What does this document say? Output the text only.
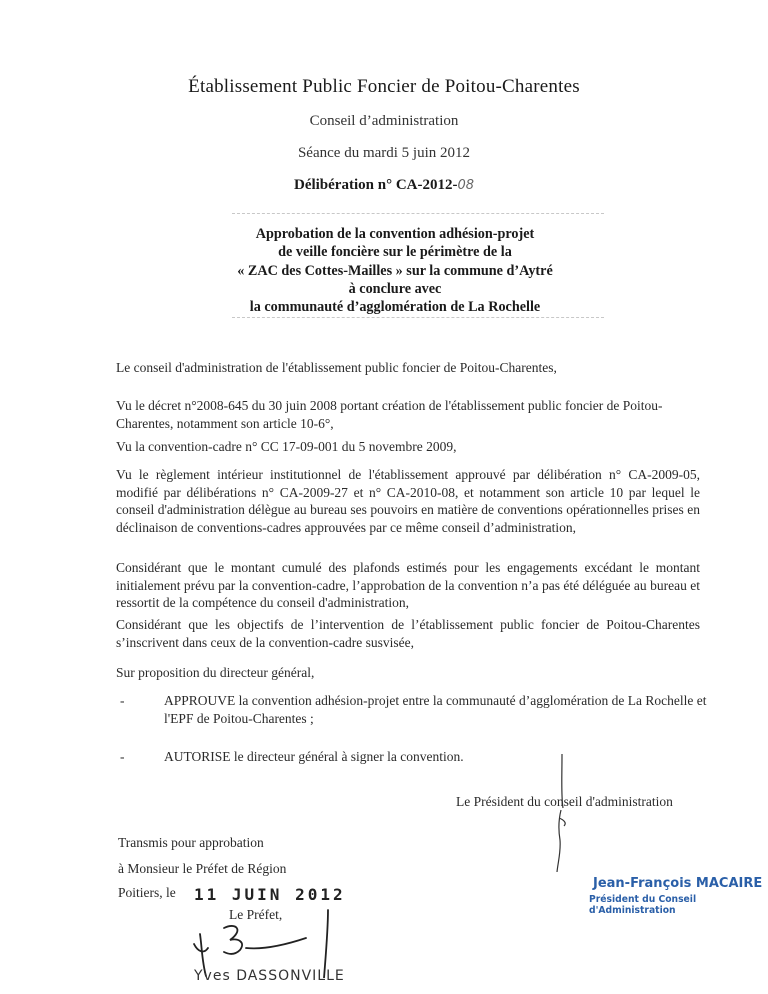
Établissement Public Foncier de Poitou-Charentes
Conseil d’administration
Séance du mardi 5 juin 2012
Délibération n° CA-2012-08
Approbation de la convention adhésion-projet
de veille foncière sur le périmètre de la
« ZAC des Cottes-Mailles » sur la commune d’Aytré
à conclure avec
la communauté d’agglomération de La Rochelle
Le conseil d'administration de l'établissement public foncier de Poitou-Charentes,
Vu le décret n°2008-645 du 30 juin 2008 portant création de l'établissement public foncier de Poitou-Charentes, notamment son article 10-6°,
Vu la convention-cadre n° CC 17-09-001 du 5 novembre 2009,
Vu le règlement intérieur institutionnel de l'établissement approuvé par délibération n° CA-2009-05, modifié par délibérations n° CA-2009-27 et n° CA-2010-08, et notamment son article 10 par lequel le conseil d'administration délègue au bureau ses pouvoirs en matière de conventions opérationnelles prises en déclinaison de conventions-cadres approuvées par ce même conseil d’administration,
Considérant que le montant cumulé des plafonds estimés pour les engagements excédant le montant initialement prévu par la convention-cadre, l’approbation de la convention n’a pas été déléguée au bureau et ressortit de la compétence du conseil d'administration,
Considérant que les objectifs de l’intervention de l’établissement public foncier de Poitou-Charentes s’inscrivent dans ceux de la convention-cadre susvisée,
Sur proposition du directeur général,
-	APPROUVE la convention adhésion-projet entre la communauté d’agglomération de La Rochelle et l'EPF de Poitou-Charentes ;
-	AUTORISE le directeur général à signer la convention.
Le Président du conseil d'administration
Jean-François MACAIRE
Président du Conseil d'Administration
Transmis pour approbation
à Monsieur le Préfet de Région
Poitiers, le 11 JUIN 2012
Le Préfet,
Yves DASSONVILLE
